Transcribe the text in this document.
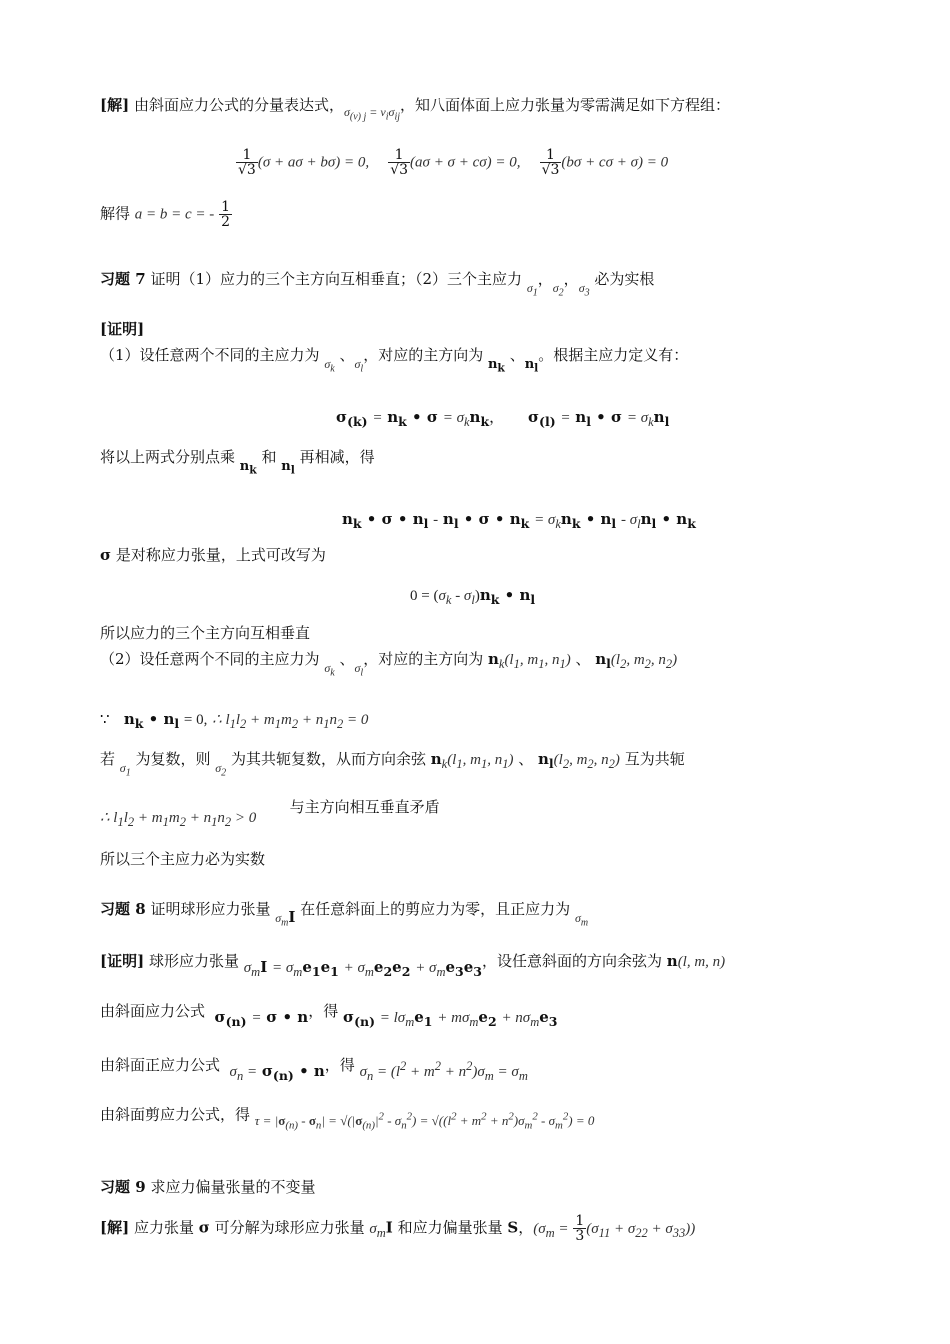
[解] 由斜面应力公式的分量表达式，$_{\sigma_{(\nu) j} = \nu_i\sigma_{ij}}$，知八面体面上应力张量为零需满足如下方程组：
$\frac{1}{√3} (\sigma + a\sigma + b\sigma) = 0$, $\frac{1}{√3} (a\sigma + \sigma + c\sigma) = 0$, $\frac{1}{√3} (b\sigma + c\sigma + \sigma) = 0$
解得 a = b = c = - $\frac{1}{2}$
习题 7 证明（1）应力的三个主方向互相垂直；（2）三个主应力 $_{\sigma_1}$，$_{\sigma_2}$，$_{\sigma_3}$ 必为实根
[证明]
（1）设任意两个不同的主应力为 $_{\sigma_k}$ 、$_{\sigma_l}$，对应的主方向为 $n_k$ 、$n_l$。根据主应力定义有：
$\sigma_{(k)} = n_k$ • $\sigma = \sigma_kn_k$，     $\sigma_{(l)} = n_l$ • $\sigma = \sigma_kn_l$
将以上两式分别点乘 $n_k$ 和 $n_l$ 再相减，得
$n_k$ • σ • $n_l - n_l$ • σ • $n_k = \sigma_kn_k$ • $n_l - \sigma_ln_l$ • $n_k$
σ 是对称应力张量，上式可改写为
$0 = (\sigma_k - \sigma_l)n_k$ • $n_l$
所以应力的三个主方向互相垂直
（2）设任意两个不同的主应力为 $_{\sigma_k}$ 、$_{\sigma_l}$，对应的主方向为 $n_k(l_1$, $m_1$, $n_1$) 、 $n_l(l_2$, $m_2$, $n_2$)
∵   $n_k$ • $n_l = 0$, ∴ $l_1l_2 + m_1m_2 + n_1n_2 = 0$
若 $_{\sigma_1}$ 为复数，则 $_{\sigma_2}$ 为其共轭复数，从而方向余弦 $n_k(l_1$, $m_1$, $n_1$) 、 $n_l(l_2$, $m_2$, $n_2$) 互为共轭
∴ $l_1l_2 + m_1m_2 + n_1n_2 > 0$       与主方向相互垂直矛盾
所以三个主应力必为实数
习题 8 证明球形应力张量 $\sigma_mI$ 在任意斜面上的剪应力为零，且正应力为 $_{\sigma_m}$
[证明] 球形应力张量 $\sigma_mI = \sigma_me_1e_1 + \sigma_me_2e_2 + \sigma_me_3e_3$，设任意斜面的方向余弦为 n(l, m, n)
由斜面应力公式  $\sigma_{(n)} = \sigma$ • n，得 $\sigma_{(n)} = l\sigma_me_1 + m\sigma_me_2 + n\sigma_me_3$
由斜面正应力公式  $\sigma_n = \sigma_{(n)}$ • n，得 $\sigma_n = (l^2 + m^2 + n^2)\sigma_m = \sigma_m$
由斜面剪应力公式，得 $\tau = |\sigma_{(n)} - \sigma_n| = √(|\sigma_{(n)}|^2 - \sigma_n^2) = √((l^2 + m^2 + n^2)\sigma_m^2 - \sigma_m^2) = 0$
习题 9 求应力偏量张量的不变量
[解] 应力张量 σ 可分解为球形应力张量 $\sigma_mI$ 和应力偏量张量 S，$(\sigma_m = \frac{1}{3} (\sigma_{11} + \sigma_{22} + \sigma_{33}))$
